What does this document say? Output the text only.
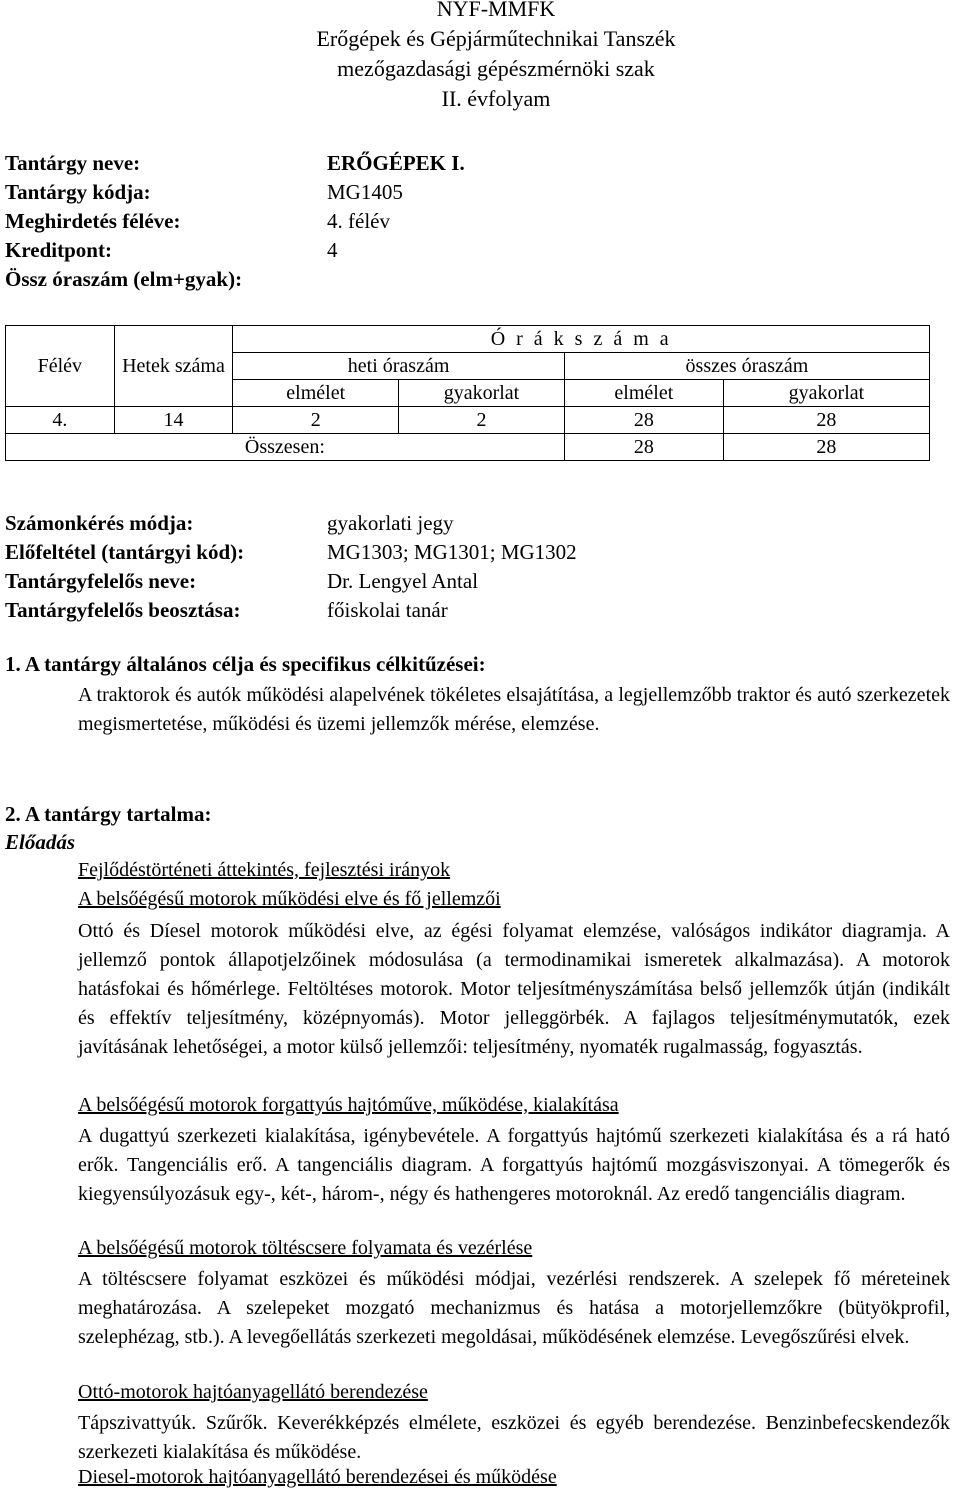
NYF-MMFK
Erőgépek és Gépjárműtechnikai Tanszék
mezőgazdasági gépészmérnöki szak
II. évfolyam
Tantárgy neve:	ERŐGÉPEK I.
Tantárgy kódja:	MG1405
Meghirdetés féléve:	4. félév
Kreditpont:	4
Össz óraszám (elm+gyak):
Félév	Hetek száma	Ó r á k s z á m a			
		heti óraszám		összes óraszám	
		elmélet	gyakorlat	elmélet	gyakorlat
4.	14	2	2	28	28
Összesen:				28	28
Számonkérés módja:	gyakorlati jegy
Előfeltétel (tantárgyi kód):	MG1303; MG1301; MG1302
Tantárgyfelelős neve:	Dr. Lengyel Antal
Tantárgyfelelős beosztása:	főiskolai tanár
1. A tantárgy általános célja és specifikus célkitűzései:
A traktorok és autók működési alapelvének tökéletes elsajátítása, a legjellemzőbb traktor és autó szerkezetek megismertetése, működési és üzemi jellemzők mérése, elemzése.
2. A tantárgy tartalma:
Előadás
Fejlődéstörténeti áttekintés, fejlesztési irányok
A belsőégésű motorok működési elve és fő jellemzői
Ottó és Díesel motorok működési elve, az égési folyamat elemzése, valóságos indikátor diagramja. A jellemző pontok állapotjelzőinek módosulása (a termodinamikai ismeretek alkalmazása). A motorok hatásfokai és hőmérlege. Feltöltéses motorok. Motor teljesítményszámítása belső jellemzők útján (indikált és effektív teljesítmény, középnyomás). Motor jelleggörbék. A fajlagos teljesítménymutatók, ezek javításának lehetőségei, a motor külső jellemzői: teljesítmény, nyomaték rugalmasság, fogyasztás.
A belsőégésű motorok forgattyús hajtóműve, működése, kialakítása
A dugattyú szerkezeti kialakítása, igénybevétele. A forgattyús hajtómű szerkezeti kialakítása és a rá ható erők. Tangenciális erő. A tangenciális diagram. A forgattyús hajtómű mozgásviszonyai. A tömegerők és kiegyensúlyozásuk egy-, két-, három-, négy és hathengeres motoroknál. Az eredő tangenciális diagram.
A belsőégésű motorok töltéscsere folyamata és vezérlése
A töltéscsere folyamat eszközei és működési módjai, vezérlési rendszerek. A szelepek fő méreteinek meghatározása. A szelepeket mozgató mechanizmus és hatása a motorjellemzőkre (bütyökprofil, szelephézag, stb.). A levegőellátás szerkezeti megoldásai, működésének elemzése. Levegőszűrési elvek.
Ottó-motorok hajtóanyagellátó berendezése
Tápszivattyúk. Szűrők. Keverékképzés elmélete, eszközei és egyéb berendezése. Benzinbefecskendezők szerkezeti kialakítása és működése.
Diesel-motorok hajtóanyagellátó berendezései és működése
